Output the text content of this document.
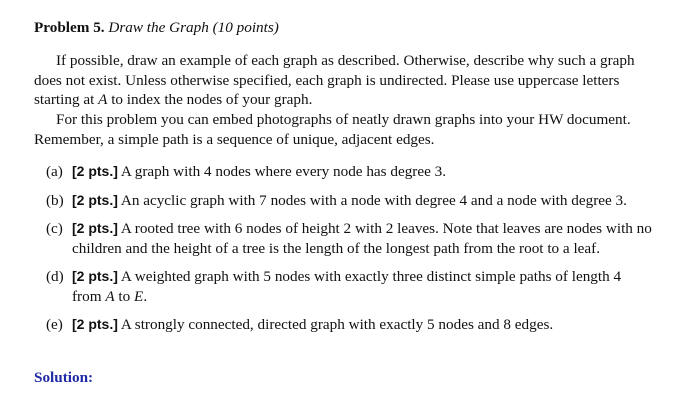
Problem 5. Draw the Graph (10 points)

If possible, draw an example of each graph as described. Otherwise, describe why such a graph does not exist. Unless otherwise specified, each graph is undirected. Please use uppercase letters starting at A to index the nodes of your graph.

For this problem you can embed photographs of neatly drawn graphs into your HW document. Remember, a simple path is a sequence of unique, adjacent edges.

(a) [2 pts.] A graph with 4 nodes where every node has degree 3.
(b) [2 pts.] An acyclic graph with 7 nodes with a node with degree 4 and a node with degree 3.
(c) [2 pts.] A rooted tree with 6 nodes of height 2 with 2 leaves. Note that leaves are nodes with no children and the height of a tree is the length of the longest path from the root to a leaf.
(d) [2 pts.] A weighted graph with 5 nodes with exactly three distinct simple paths of length 4 from A to E.
(e) [2 pts.] A strongly connected, directed graph with exactly 5 nodes and 8 edges.
Solution:
